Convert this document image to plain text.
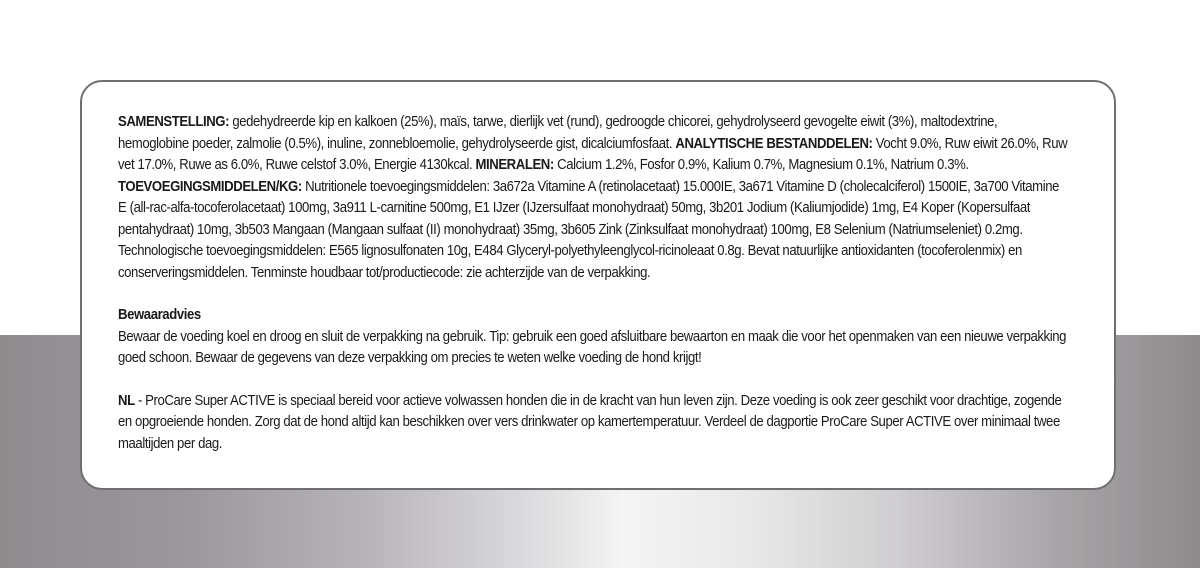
SAMENSTELLING: gedehydreerde kip en kalkoen (25%), maïs, tarwe, dierlijk vet (rund), gedroogde chicorei, gehydrolyseerd gevogelte eiwit (3%), maltodextrine, hemoglobine poeder, zalmolie (0.5%), inuline, zonnebloemolie, gehydrolyseerde gist, dicalciumfosfaat. ANALYTISCHE BESTANDDELEN: Vocht 9.0%, Ruw eiwit 26.0%, Ruw vet 17.0%, Ruwe as 6.0%, Ruwe celstof 3.0%, Energie 4130kcal. MINERALEN: Calcium 1.2%, Fosfor 0.9%, Kalium 0.7%, Magnesium 0.1%, Natrium 0.3%. TOEVOEGINGSMIDDELEN/KG: Nutritionele toevoegingsmiddelen: 3a672a Vitamine A (retinolacetaat) 15.000IE, 3a671 Vitamine D (cholecalciferol) 1500IE, 3a700 Vitamine E (all-rac-alfa-tocoferolacetaat) 100mg, 3a911 L-carnitine 500mg, E1 IJzer (IJzersulfaat monohydraat) 50mg, 3b201 Jodium (Kaliumjodide) 1mg, E4 Koper (Kopersulfaat pentahydraat) 10mg, 3b503 Mangaan (Mangaan sulfaat (II) monohydraat) 35mg, 3b605 Zink (Zinksulfaat monohydraat) 100mg, E8 Selenium (Natriumseleniet) 0.2mg. Technologische toevoegingsmiddelen: E565 lignosulfonaten 10g, E484 Glyceryl-polyethyleenglycol-ricinoleaat 0.8g. Bevat natuurlijke antioxidanten (tocoferolenmix) en conserveringsmiddelen. Tenminste houdbaar tot/productiecode: zie achterzijde van de verpakking.

Bewaaradvies
Bewaar de voeding koel en droog en sluit de verpakking na gebruik. Tip: gebruik een goed afsluitbare bewaarton en maak die voor het openmaken van een nieuwe verpakking goed schoon. Bewaar de gegevens van deze verpakking om precies te weten welke voeding de hond krijgt!

NL - ProCare Super ACTIVE is speciaal bereid voor actieve volwassen honden die in de kracht van hun leven zijn. Deze voeding is ook zeer geschikt voor drachtige, zogende en opgroeiende honden. Zorg dat de hond altijd kan beschikken over vers drinkwater op kamertemperatuur. Verdeel de dagportie ProCare Super ACTIVE over minimaal twee maaltijden per dag.
